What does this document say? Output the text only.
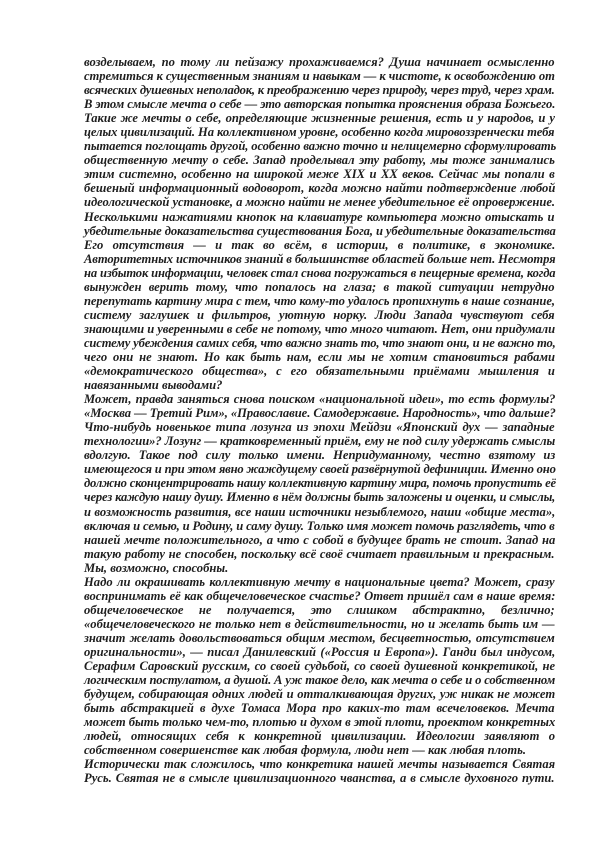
возделываем, по тому ли пейзажу прохаживаемся? Душа начинает осмысленно
стремиться к существенным знаниям и навыкам — к чистоте, к освобождению от
всяческих душевных неполадок, к преображению через природу, через труд, через храм.
В этом смысле мечта о себе — это авторская попытка прояснения образа Божьего.
Такие же мечты о себе, определяющие жизненные решения, есть и у народов, и у
целых цивилизаций. На коллективном уровне, особенно когда мировоззренчески тебя
пытается поглощать другой, особенно важно точно и нелицемерно сформулировать
общественную мечту о себе. Запад проделывал эту работу, мы тоже занимались
этим системно, особенно на широкой меже XIX и XX веков. Сейчас мы попали в
бешеный информационный водоворот, когда можно найти подтверждение любой
идеологической установке, а можно найти не менее убедительное её опровержение.
Несколькими нажатиями кнопок на клавиатуре компьютера можно отыскать и
убедительные доказательства существования Бога, и убедительные доказательства
Его отсутствия — и так во всём, в истории, в политике, в экономике.
Авторитетных источников знаний в большинстве областей больше нет. Несмотря
на избыток информации, человек стал снова погружаться в пещерные времена, когда
вынужден верить тому, что попалось на глаза; в такой ситуации нетрудно
перепутать картину мира с тем, что кому-то удалось пропихнуть в наше сознание,
систему заглушек и фильтров, уютную норку. Люди Запада чувствуют себя
знающими и уверенными в себе не потому, что много читают. Нет, они придумали
систему убеждения самих себя, что важно знать то, что знают они, и не важно то,
чего они не знают. Но как быть нам, если мы не хотим становиться рабами
«демократического общества», с его обязательными приёмами мышления и
навязанными выводами?
Может, правда заняться снова поиском «национальной идеи», то есть формулы?
«Москва — Третий Рим», «Православие. Самодержавие. Народность», что дальше?
Что-нибудь новенькое типа лозунга из эпохи Мейдзи «Японский дух — западные
технологии»? Лозунг — кратковременный приём, ему не под силу удержать смыслы
вдолгую. Такое под силу только имени. Непридуманному, честно взятому из
имеющегося и при этом явно жаждущему своей развёрнутой дефиниции. Именно оно
должно сконцентрировать нашу коллективную картину мира, помочь пропустить её
через каждую нашу душу. Именно в нём должны быть заложены и оценки, и смыслы,
и возможность развития, все наши источники незыблемого, наши «общие места»,
включая и семью, и Родину, и саму душу. Только имя может помочь разглядеть, что в
нашей мечте положительного, а что с собой в будущее брать не стоит. Запад на
такую работу не способен, поскольку всё своё считает правильным и прекрасным.
Мы, возможно, способны.
Надо ли окрашивать коллективную мечту в национальные цвета? Может, сразу
воспринимать её как общечеловеческое счастье? Ответ пришёл сам в наше время:
общечеловеческое не получается, это слишком абстрактно, безлично;
«общечеловеческого не только нет в действительности, но и желать быть им —
значит желать довольствоваться общим местом, бесцветностью, отсутствием
оригинальности», — писал Данилевский («Россия и Европа»). Ганди был индусом,
Серафим Саровский русским, со своей судьбой, со своей душевной конкретикой, не
логическим постулатом, а душой. А уж такое дело, как мечта о себе и о собственном
будущем, собирающая одних людей и отталкивающая других, уж никак не может
быть абстракцией в духе Томаса Мора про каких-то там всечеловеков. Мечта
может быть только чем-то, плотью и духом в этой плоти, проектом конкретных
людей, относящих себя к конкретной цивилизации. Идеологии заявляют о
собственном совершенстве как любая формула, люди нет — как любая плоть.
Исторически так сложилось, что конкретика нашей мечты называется Святая
Русь. Святая не в смысле цивилизационного чванства, а в смысле духовного пути.
